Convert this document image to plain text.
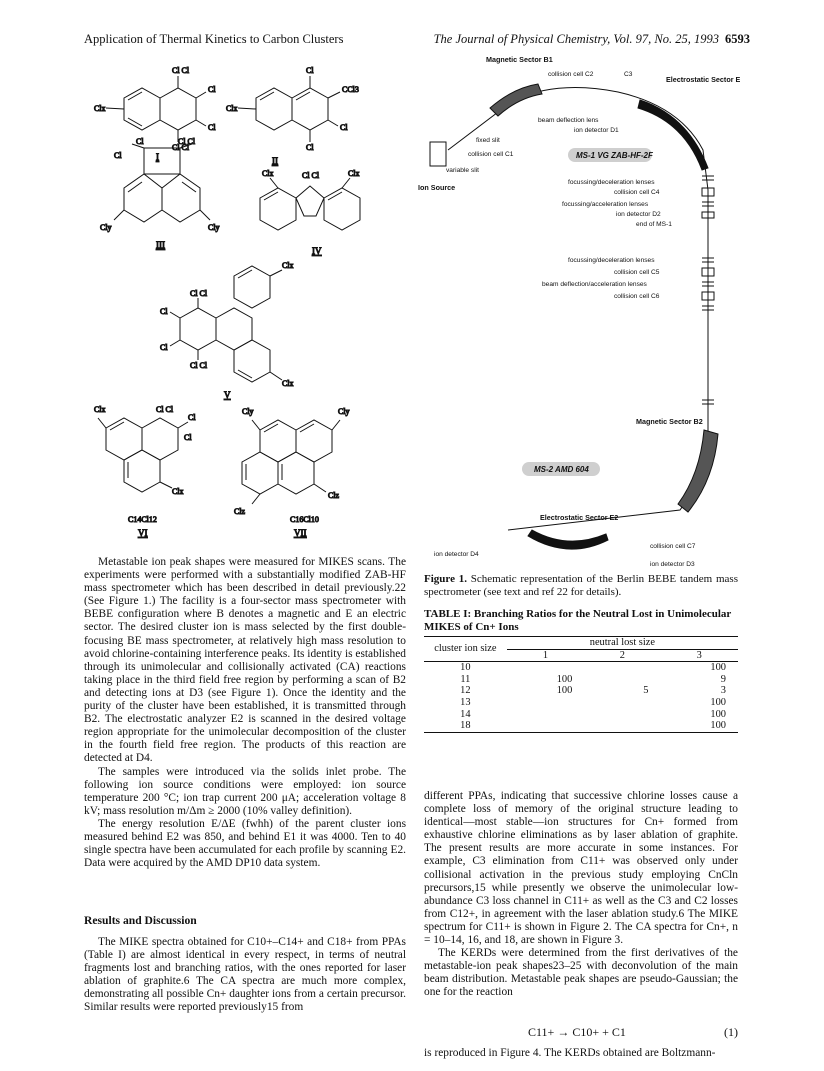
Application of Thermal Kinetics to Carbon Clusters	The Journal of Physical Chemistry, Vol. 97, No. 25, 1993 6593
Clx
Cl Cl
Cl
Cl
Cl Cl
I
Clx
Cl
CCl3
Cl
Cl
II
Cl
Cl	Cl Cl
Cly	Cly
III
Clx	Cl Cl	Clx
IV
Clx
Cl Cl
Cl
Cl
Cl Cl
Clx
V
Clx	Cl Cl
Cl
Cl
Clx
C14Cl12
VI
Cly	Cly
Clz
Clz
C16Cl10
VII
Magnetic Sector B1
collision cell C2	C3
Electrostatic Sector E1
beam deflection lens
ion detector D1
fixed slit
collision cell C1
variable slit
Ion Source
MS-1 VG ZAB-HF-2F
focussing/deceleration lenses
collision cell C4
focussing/acceleration lenses
ion detector D2
end of MS-1
focussing/deceleration lenses
collision cell C5
beam deflection/acceleration lenses
collision cell C6
Magnetic Sector B2
MS-2 AMD 604
Electrostatic Sector E2
ion detector D4
collision cell C7
ion detector D3
Figure 1. Schematic representation of the Berlin BEBE tandem mass spectrometer (see text and ref 22 for details).
TABLE I: Branching Ratios for the Neutral Lost in Unimolecular MIKES of Cn+ Ions
cluster ion size	neutral lost size		
	1	2	3
10			100
11	100		9
12	100	5	3
13			100
14			100
18			100

Metastable ion peak shapes were measured for MIKES scans. The experiments were performed with a substantially modified ZAB-HF mass spectrometer which has been described in detail previously.22 (See Figure 1.) The facility is a four-sector mass spectrometer with BEBE configuration where B denotes a magnetic and E an electric sector. The desired cluster ion is mass selected by the first double-focusing BE mass spectrometer, at relatively high mass resolution to avoid chlorine-containing interference peaks. Its identity is established through its unimolecular and collisionally activated (CA) reactions taking place in the third field free region by performing a scan of B2 and detecting ions at D3 (see Figure 1). Once the identity and the purity of the cluster have been established, it is transmitted through B2. The electrostatic analyzer E2 is scanned in the desired voltage region appropriate for the unimolecular decomposition of the cluster in the fourth field free region. The products of this reaction are detected at D4.

The samples were introduced via the solids inlet probe. The following ion source conditions were employed: ion source temperature 200 °C; ion trap current 200 μA; acceleration voltage 8 kV; mass resolution m/Δm ≥ 2000 (10% valley definition).

The energy resolution E/ΔE (fwhh) of the parent cluster ions measured behind E2 was 850, and behind E1 it was 4000. Ten to 40 single spectra have been accumulated for each profile by scanning E2. Data were acquired by the AMD DP10 data system.

Results and Discussion

The MIKE spectra obtained for C10+–C14+ and C18+ from PPAs (Table I) are almost identical in every respect, in terms of neutral fragments lost and branching ratios, with the ones reported for laser ablation of graphite.6 The CA spectra are much more complex, demonstrating all possible Cn+ daughter ions from a certain precursor. Similar results were reported previously15 from

different PPAs, indicating that successive chlorine losses cause a complete loss of memory of the original structure leading to identical—most stable—ion structures for Cn+ formed from exhaustive chlorine eliminations as by laser ablation of graphite. The present results are more accurate in some instances. For example, C3 elimination from C11+ was observed only under collisional activation in the previous study employing CnCln precursors,15 while presently we observe the unimolecular low-abundance C3 loss channel in C11+ as well as the C3 and C2 losses from C12+, in agreement with the laser ablation study.6 The MIKE spectrum for C11+ is shown in Figure 2. The CA spectra for Cn+, n = 10–14, 16, and 18, are shown in Figure 3.

The KERDs were determined from the first derivatives of the metastable-ion peak shapes23–25 with deconvolution of the main beam distribution. Metastable peak shapes are pseudo-Gaussian; the one for the reaction

C11+ → C10+ + C1	(1)
is reproduced in Figure 4. The KERDs obtained are Boltzmann-
